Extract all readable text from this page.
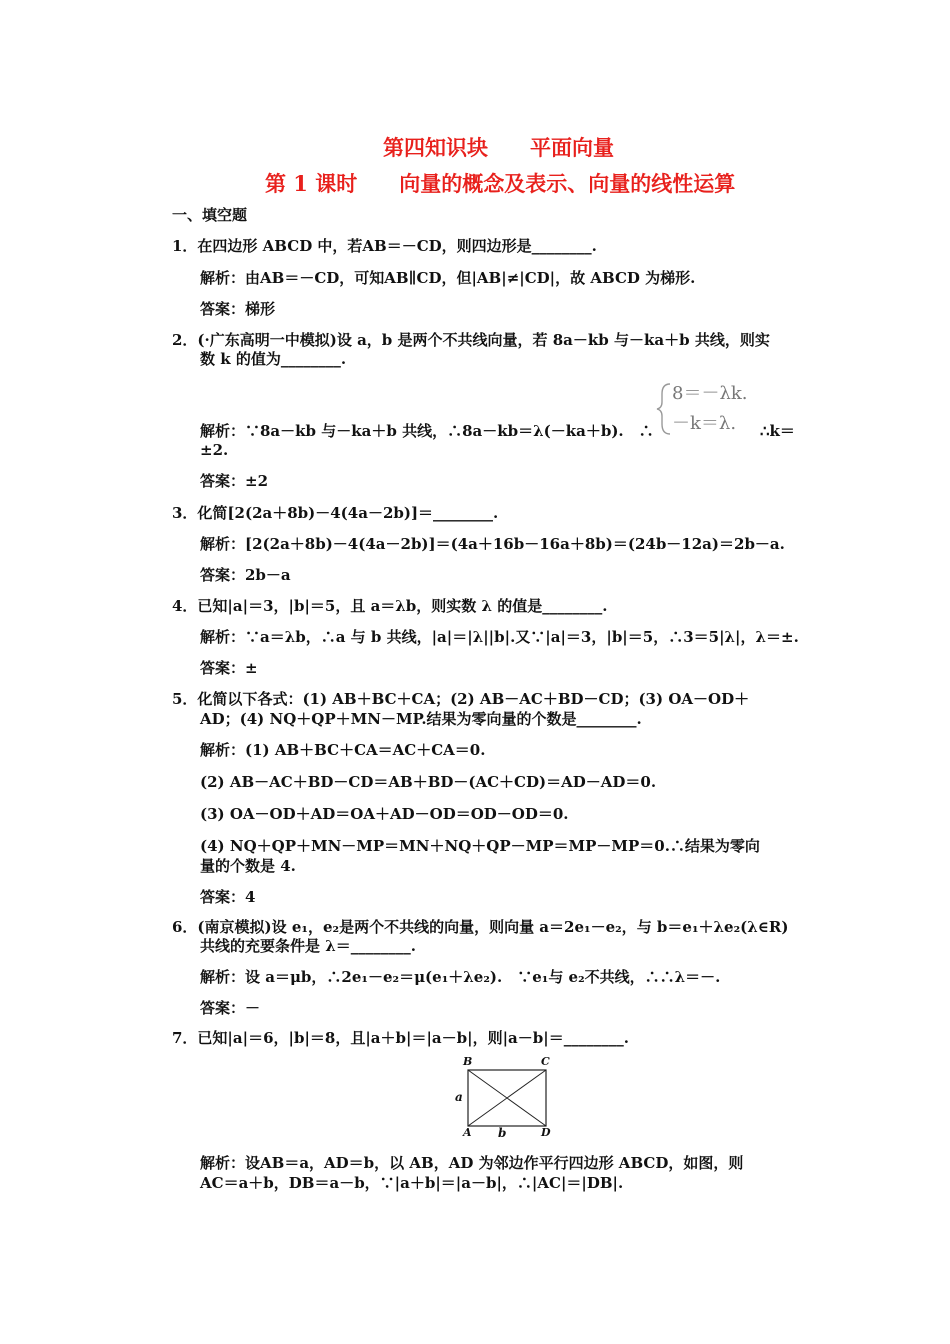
第四知识块　　平面向量
第 1 课时　　向量的概念及表示、向量的线性运算
一、填空题
1．在四边形 ABCD 中，若AB＝－CD，则四边形是________.
解析：由AB＝－CD，可知AB∥CD，但|AB|≠|CD|，故 ABCD 为梯形.
答案：梯形
2．(·广东高明一中模拟)设 a，b 是两个不共线向量，若 8a－kb 与－ka＋b 共线，则实
数 k 的值为________.
解析：∵8a－kb 与－ka＋b 共线，∴8a－kb＝λ(－ka＋b).　∴
8＝－λk.
－k＝λ. ∴k＝
±2.
答案：±2
3．化简[2(2a＋8b)－4(4a－2b)]＝________.
解析：[2(2a＋8b)－4(4a－2b)]＝(4a＋16b－16a＋8b)＝(24b－12a)＝2b－a.
答案：2b－a
4．已知|a|＝3，|b|＝5，且 a＝λb，则实数 λ 的值是________.
解析：∵a＝λb，∴a 与 b 共线，|a|＝|λ||b|.又∵|a|＝3，|b|＝5，∴3＝5|λ|，λ＝±.
答案：±
5．化简以下各式：(1) AB＋BC＋CA；(2) AB－AC＋BD－CD；(3) OA－OD＋
AD；(4) NQ＋QP＋MN－MP.结果为零向量的个数是________.
解析：(1) AB＋BC＋CA＝AC＋CA＝0.
(2) AB－AC＋BD－CD＝AB＋BD－(AC＋CD)＝AD－AD＝0.
(3) OA－OD＋AD＝OA＋AD－OD＝OD－OD＝0.
(4) NQ＋QP＋MN－MP＝MN＋NQ＋QP－MP＝MP－MP＝0.∴结果为零向
量的个数是 4.
答案：4
6．(南京模拟)设 e₁，e₂是两个不共线的向量，则向量 a＝2e₁－e₂，与 b＝e₁＋λe₂(λ∈R)
共线的充要条件是 λ＝________.
解析：设 a＝μb，∴2e₁－e₂＝μ(e₁＋λe₂).　∵e₁与 e₂不共线，∴∴λ＝－.
答案：－
7．已知|a|＝6，|b|＝8，且|a＋b|＝|a－b|，则|a－b|＝________.
B	C
A	D
a
b
解析：设AB＝a，AD＝b，以 AB，AD 为邻边作平行四边形 ABCD，如图，则
AC＝a＋b，DB＝a－b，∵|a＋b|＝|a－b|，∴|AC|＝|DB|.
